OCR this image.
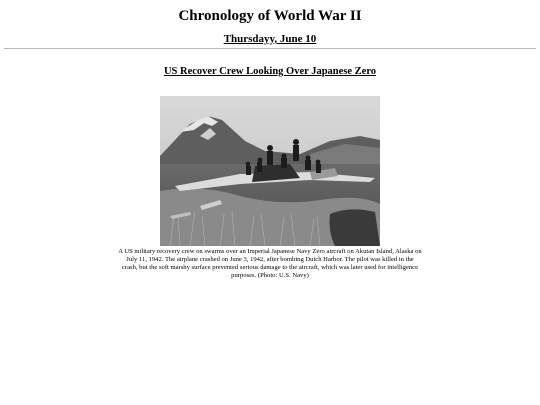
Chronology of World War II
Thursdayy, June 10
US Recover Crew Looking Over Japanese Zero

A US military recovery crew on swarms over an Imperial Japanese Navy Zero aircraft on Akutan Island, Alaska on July 11, 1942. The airplane crashed on June 3, 1942, after bombing Dutch Harbor. The pilot was killed in the crash, but the soft marshy surface prevented serious damage to the aircraft, which was later used for intelligence purposes. (Photo: U.S. Navy)
